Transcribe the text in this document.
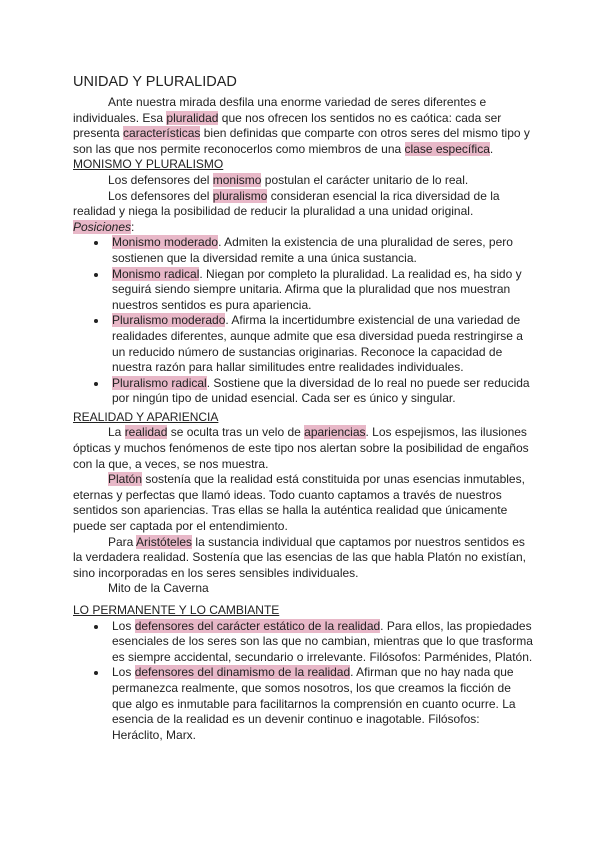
UNIDAD Y PLURALIDAD

Ante nuestra mirada desfila una enorme variedad de seres diferentes e individuales. Esa pluralidad que nos ofrecen los sentidos no es caótica: cada ser presenta características bien definidas que comparte con otros seres del mismo tipo y son las que nos permite reconocerlos como miembros de una clase específica.

MONISMO Y PLURALISMO

Los defensores del monismo postulan el carácter unitario de lo real.

Los defensores del pluralismo consideran esencial la rica diversidad de la realidad y niega la posibilidad de reducir la pluralidad a una unidad original.

Posiciones:

• Monismo moderado. Admiten la existencia de una pluralidad de seres, pero sostienen que la diversidad remite a una única sustancia.
• Monismo radical. Niegan por completo la pluralidad. La realidad es, ha sido y seguirá siendo siempre unitaria. Afirma que la pluralidad que nos muestran nuestros sentidos es pura apariencia.
• Pluralismo moderado. Afirma la incertidumbre existencial de una variedad de realidades diferentes, aunque admite que esa diversidad pueda restringirse a un reducido número de sustancias originarias. Reconoce la capacidad de nuestra razón para hallar similitudes entre realidades individuales.
• Pluralismo radical. Sostiene que la diversidad de lo real no puede ser reducida por ningún tipo de unidad esencial. Cada ser es único y singular.

REALIDAD Y APARIENCIA

La realidad se oculta tras un velo de apariencias. Los espejismos, las ilusiones ópticas y muchos fenómenos de este tipo nos alertan sobre la posibilidad de engaños con la que, a veces, se nos muestra.

Platón sostenía que la realidad está constituida por unas esencias inmutables, eternas y perfectas que llamó ideas. Todo cuanto captamos a través de nuestros sentidos son apariencias. Tras ellas se halla la auténtica realidad que únicamente puede ser captada por el entendimiento.

Para Aristóteles la sustancia individual que captamos por nuestros sentidos es la verdadera realidad. Sostenía que las esencias de las que habla Platón no existían, sino incorporadas en los seres sensibles individuales.

Mito de la Caverna

LO PERMANENTE Y LO CAMBIANTE

• Los defensores del carácter estático de la realidad. Para ellos, las propiedades esenciales de los seres son las que no cambian, mientras que lo que trasforma es siempre accidental, secundario o irrelevante. Filósofos: Parménides, Platón.
• Los defensores del dinamismo de la realidad. Afirman que no hay nada que permanezca realmente, que somos nosotros, los que creamos la ficción de que algo es inmutable para facilitarnos la comprensión en cuanto ocurre. La esencia de la realidad es un devenir continuo e inagotable. Filósofos: Heráclito, Marx.
